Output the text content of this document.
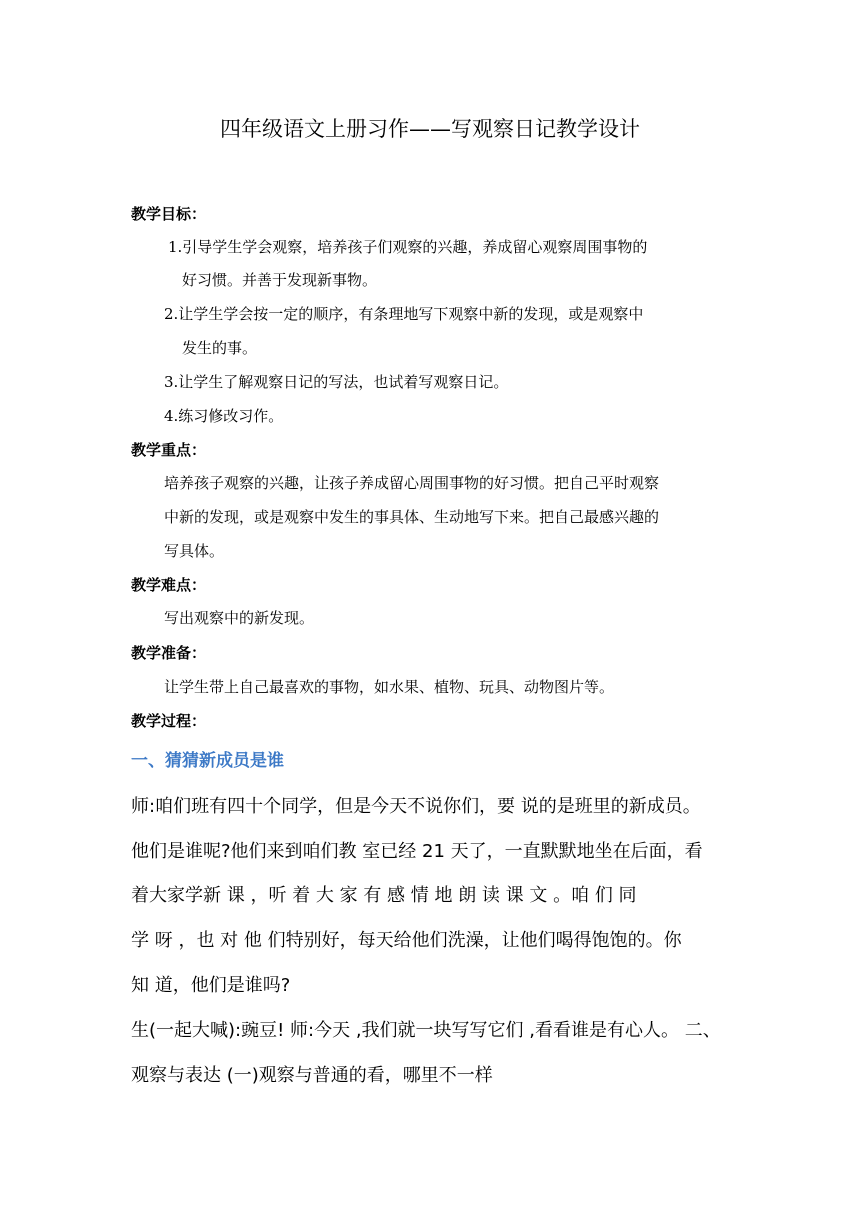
四年级语文上册习作——写观察日记教学设计
教学目标：
1.引导学生学会观察，培养孩子们观察的兴趣，养成留心观察周围事物的
好习惯。并善于发现新事物。
2.让学生学会按一定的顺序，有条理地写下观察中新的发现，或是观察中
发生的事。
3.让学生了解观察日记的写法，也试着写观察日记。
4.练习修改习作。
教学重点：
培养孩子观察的兴趣，让孩子养成留心周围事物的好习惯。把自己平时观察
中新的发现，或是观察中发生的事具体、生动地写下来。把自己最感兴趣的
写具体。
教学难点：
写出观察中的新发现。
教学准备：
让学生带上自己最喜欢的事物，如水果、植物、玩具、动物图片等。
教学过程：
一、猜猜新成员是谁
师:咱们班有四十个同学，但是今天不说你们，要 说的是班里的新成员。
他们是谁呢?他们来到咱们教 室已经 21 天了，一直默默地坐在后面，看
着大家学新 课 ，听 着 大 家 有 感 情 地 朗 读 课 文 。咱 们 同
学 呀 ，也 对 他 们特别好，每天给他们洗澡，让他们喝得饱饱的。你
知 道，他们是谁吗?
生(一起大喊):豌豆! 师:今天 ,我们就一块写写它们 ,看看谁是有心人。 二、
观察与表达 (一)观察与普通的看，哪里不一样
